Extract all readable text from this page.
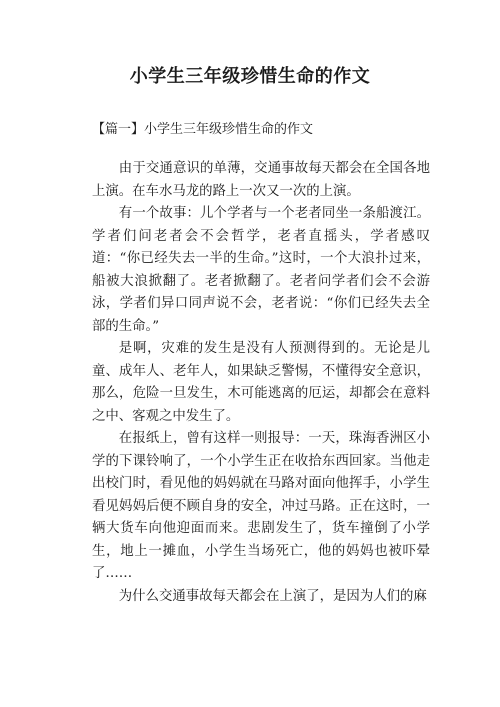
小学生三年级珍惜生命的作文

【篇一】小学生三年级珍惜生命的作文

由于交通意识的单薄，交通事故每天都会在全国各地上演。在车水马龙的路上一次又一次的上演。

有一个故事：儿个学者与一个老者同坐一条船渡江。学者们问老者会不会哲学，老者直摇头，学者感叹道：“你已经失去一半的生命。”这时，一个大浪扑过来，船被大浪掀翻了。老者掀翻了。老者问学者们会不会游泳，学者们异口同声说不会，老者说：“你们已经失去全部的生命。”

是啊，灾难的发生是没有人预测得到的。无论是儿童、成年人、老年人，如果缺乏警惕，不懂得安全意识，那么，危险一旦发生，木可能逃离的厄运，却都会在意料之中、客观之中发生了。

在报纸上，曾有这样一则报导：一天，珠海香洲区小学的下课铃响了，一个小学生正在收拾东西回家。当他走出校门时，看见他的妈妈就在马路对面向他挥手，小学生看见妈妈后便不顾自身的安全，冲过马路。正在这时，一辆大货车向他迎面而来。悲剧发生了，货车撞倒了小学生，地上一摊血，小学生当场死亡，他的妈妈也被吓晕了……

为什么交通事故每天都会在上演了，是因为人们的麻
